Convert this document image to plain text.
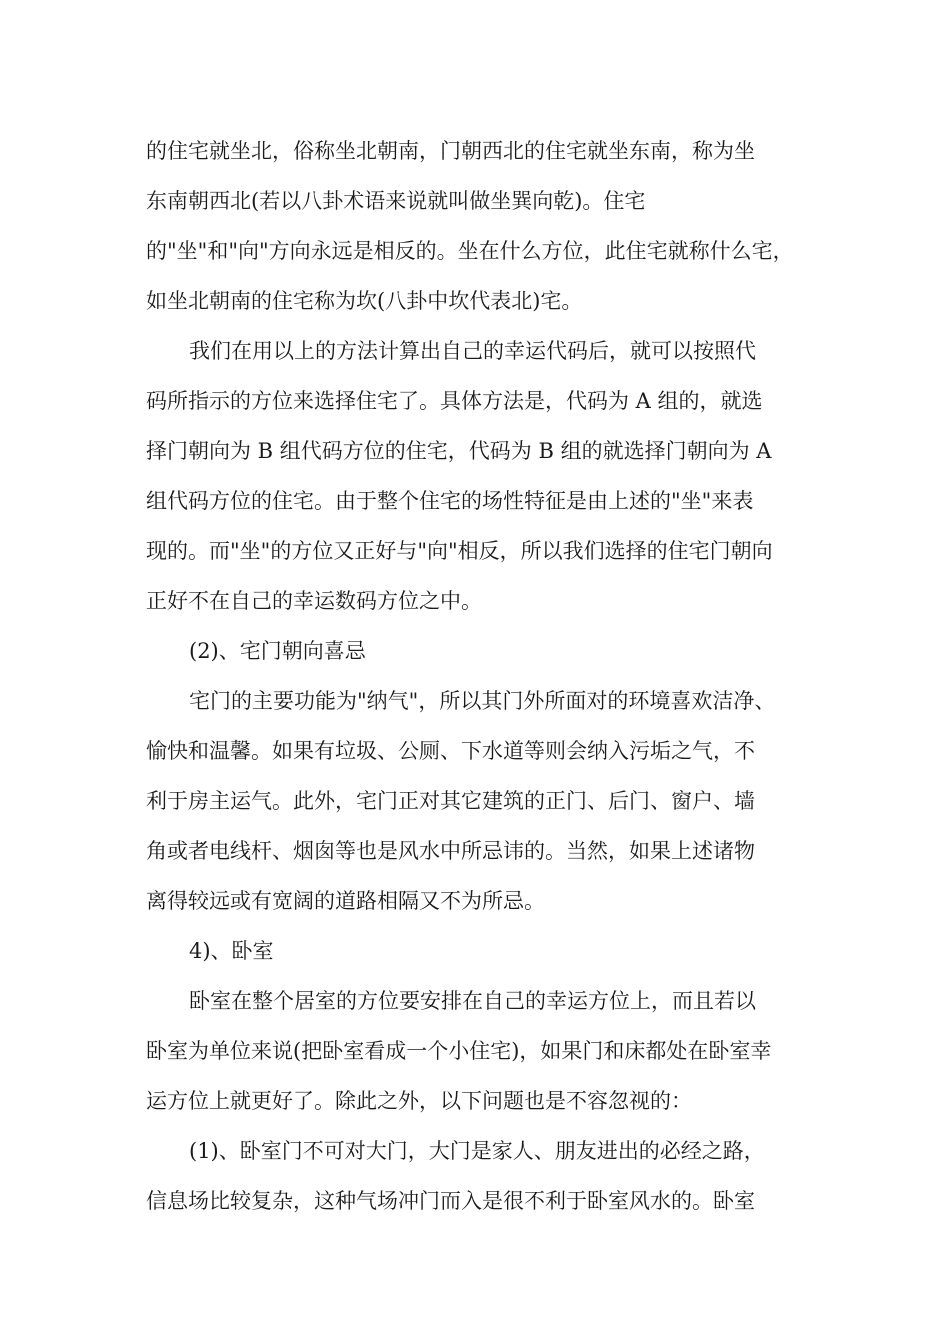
的住宅就坐北，俗称坐北朝南，门朝西北的住宅就坐东南，称为坐
东南朝西北(若以八卦术语来说就叫做坐巽向乾)。住宅
的"坐"和"向"方向永远是相反的。坐在什么方位，此住宅就称什么宅，
如坐北朝南的住宅称为坎(八卦中坎代表北)宅。
我们在用以上的方法计算出自己的幸运代码后，就可以按照代
码所指示的方位来选择住宅了。具体方法是，代码为 A 组的，就选
择门朝向为 B 组代码方位的住宅，代码为 B 组的就选择门朝向为 A
组代码方位的住宅。由于整个住宅的场性特征是由上述的"坐"来表
现的。而"坐"的方位又正好与"向"相反，所以我们选择的住宅门朝向
正好不在自己的幸运数码方位之中。
(2)、宅门朝向喜忌
宅门的主要功能为"纳气"，所以其门外所面对的环境喜欢洁净、
愉快和温馨。如果有垃圾、公厕、下水道等则会纳入污垢之气，不
利于房主运气。此外，宅门正对其它建筑的正门、后门、窗户、墙
角或者电线杆、烟囱等也是风水中所忌讳的。当然，如果上述诸物
离得较远或有宽阔的道路相隔又不为所忌。
4)、卧室
卧室在整个居室的方位要安排在自己的幸运方位上，而且若以
卧室为单位来说(把卧室看成一个小住宅)，如果门和床都处在卧室幸
运方位上就更好了。除此之外，以下问题也是不容忽视的：
(1)、卧室门不可对大门，大门是家人、朋友进出的必经之路，
信息场比较复杂，这种气场冲门而入是很不利于卧室风水的。卧室
